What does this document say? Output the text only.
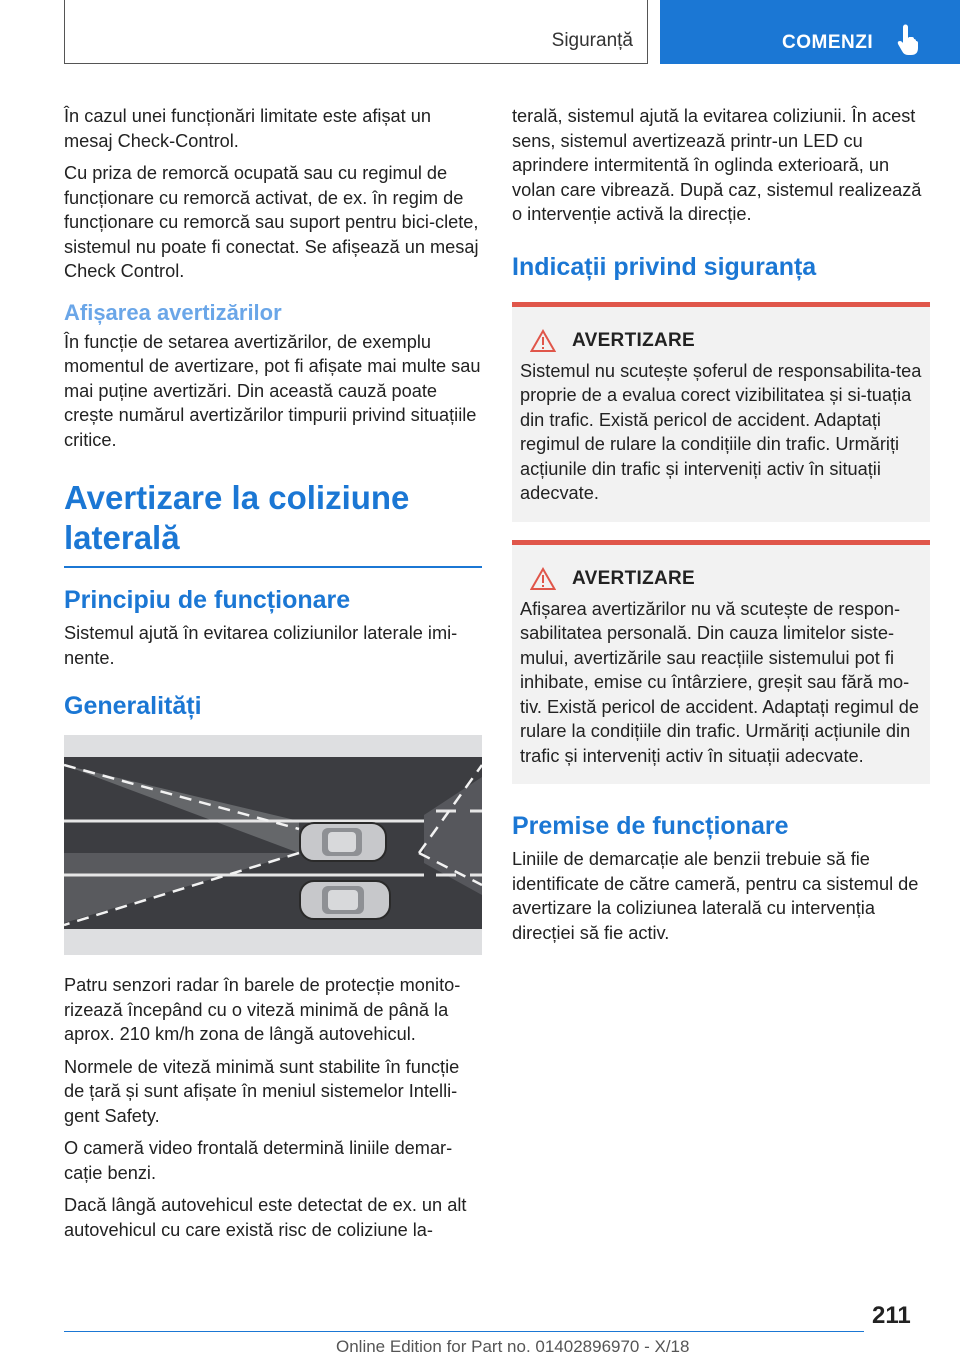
Siguranță	COMENZI

În cazul unei funcționări limitate este afișat un mesaj Check-Control.

Cu priza de remorcă ocupată sau cu regimul de funcționare cu remorcă activat, de ex. în regim de funcționare cu remorcă sau suport pentru bici-clete, sistemul nu poate fi conectat. Se afișează un mesaj Check Control.

Afișarea avertizărilor

În funcție de setarea avertizărilor, de exemplu momentul de avertizare, pot fi afișate mai multe sau mai puține avertizări. Din această cauză poate crește numărul avertizărilor timpurii privind situațiile critice.

Avertizare la coliziune
laterală
Principiu de funcționare

Sistemul ajută în evitarea coliziunilor laterale imi-nente.

Generalități

Patru senzori radar în barele de protecție monito-rizează începând cu o viteză minimă de până la aprox. 210 km/h zona de lângă autovehicul.

Normele de viteză minimă sunt stabilite în funcție de țară și sunt afișate în meniul sistemelor Intelli-gent Safety.

O cameră video frontală determină liniile demar-cație benzi.

Dacă lângă autovehicul este detectat de ex. un alt autovehicul cu care există risc de coliziune la-

terală, sistemul ajută la evitarea coliziunii. În acest sens, sistemul avertizează printr-un LED cu aprindere intermitentă în oglinda exterioară, un volan care vibrează. După caz, sistemul realizează o intervenție activă la direcție.

Indicații privind siguranța
AVERTIZARE

Sistemul nu scutește șoferul de responsabilita-tea proprie de a evalua corect vizibilitatea și si-tuația din trafic. Există pericol de accident. Adaptați regimul de rulare la condițiile din trafic. Urmăriți acțiunile din trafic și interveniți activ în situații adecvate.

AVERTIZARE

Afișarea avertizărilor nu vă scutește de respon-sabilitatea personală. Din cauza limitelor siste-mului, avertizările sau reacțiile sistemului pot fi inhibate, emise cu întârziere, greșit sau fără mo-tiv. Există pericol de accident. Adaptați regimul de rulare la condițiile din trafic. Urmăriți acțiunile din trafic și interveniți activ în situații adecvate.

Premise de funcționare

Liniile de demarcație ale benzii trebuie să fie identificate de către cameră, pentru ca sistemul de avertizare la coliziunea laterală cu intervenția direcției să fie activ.

211
Online Edition for Part no. 01402896970 - X/18
